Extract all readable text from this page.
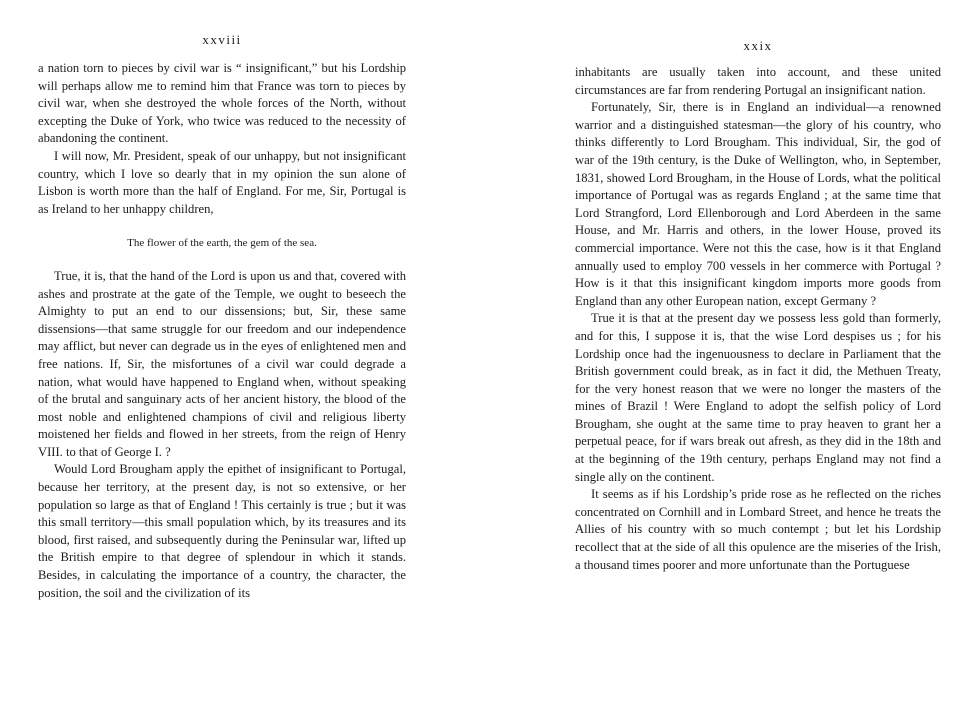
xxviii

a nation torn to pieces by civil war is “ insignificant,” but his Lordship will perhaps allow me to remind him that France was torn to pieces by civil war, when she destroyed the whole forces of the North, without excepting the Duke of York, who twice was reduced to the necessity of abandoning the continent.

I will now, Mr. President, speak of our unhappy, but not insignificant country, which I love so dearly that in my opinion the sun alone of Lisbon is worth more than the half of England. For me, Sir, Portugal is as Ireland to her unhappy children,

The flower of the earth, the gem of the sea.

True, it is, that the hand of the Lord is upon us and that, covered with ashes and prostrate at the gate of the Temple, we ought to beseech the Almighty to put an end to our dissensions; but, Sir, these same dissensions—that same struggle for our freedom and our independence may afflict, but never can degrade us in the eyes of enlightened men and free nations. If, Sir, the misfortunes of a civil war could degrade a nation, what would have happened to England when, without speaking of the brutal and sanguinary acts of her ancient history, the blood of the most noble and enlightened champions of civil and religious liberty moistened her fields and flowed in her streets, from the reign of Henry VIII. to that of George I. ?

Would Lord Brougham apply the epithet of insignificant to Portugal, because her territory, at the present day, is not so extensive, or her population so large as that of England ! This certainly is true ; but it was this small territory—this small population which, by its treasures and its blood, first raised, and subsequently during the Peninsular war, lifted up the British empire to that degree of splendour in which it stands. Besides, in calculating the importance of a country, the character, the position, the soil and the civilization of its

xxix

inhabitants are usually taken into account, and these united circumstances are far from rendering Portugal an insignificant nation.

Fortunately, Sir, there is in England an individual—a renowned warrior and a distinguished statesman—the glory of his country, who thinks differently to Lord Brougham. This individual, Sir, the god of war of the 19th century, is the Duke of Wellington, who, in September, 1831, showed Lord Brougham, in the House of Lords, what the political importance of Portugal was as regards England ; at the same time that Lord Strangford, Lord Ellenborough and Lord Aberdeen in the same House, and Mr. Harris and others, in the lower House, proved its commercial importance. Were not this the case, how is it that England annually used to employ 700 vessels in her commerce with Portugal ? How is it that this insignificant kingdom imports more goods from England than any other European nation, except Germany ?

True it is that at the present day we possess less gold than formerly, and for this, I suppose it is, that the wise Lord despises us ; for his Lordship once had the ingenuousness to declare in Parliament that the British government could break, as in fact it did, the Methuen Treaty, for the very honest reason that we were no longer the masters of the mines of Brazil ! Were England to adopt the selfish policy of Lord Brougham, she ought at the same time to pray heaven to grant her a perpetual peace, for if wars break out afresh, as they did in the 18th and at the beginning of the 19th century, perhaps England may not find a single ally on the continent.

It seems as if his Lordship’s pride rose as he reflected on the riches concentrated on Cornhill and in Lombard Street, and hence he treats the Allies of his country with so much contempt ; but let his Lordship recollect that at the side of all this opulence are the miseries of the Irish, a thousand times poorer and more unfortunate than the Portuguese
